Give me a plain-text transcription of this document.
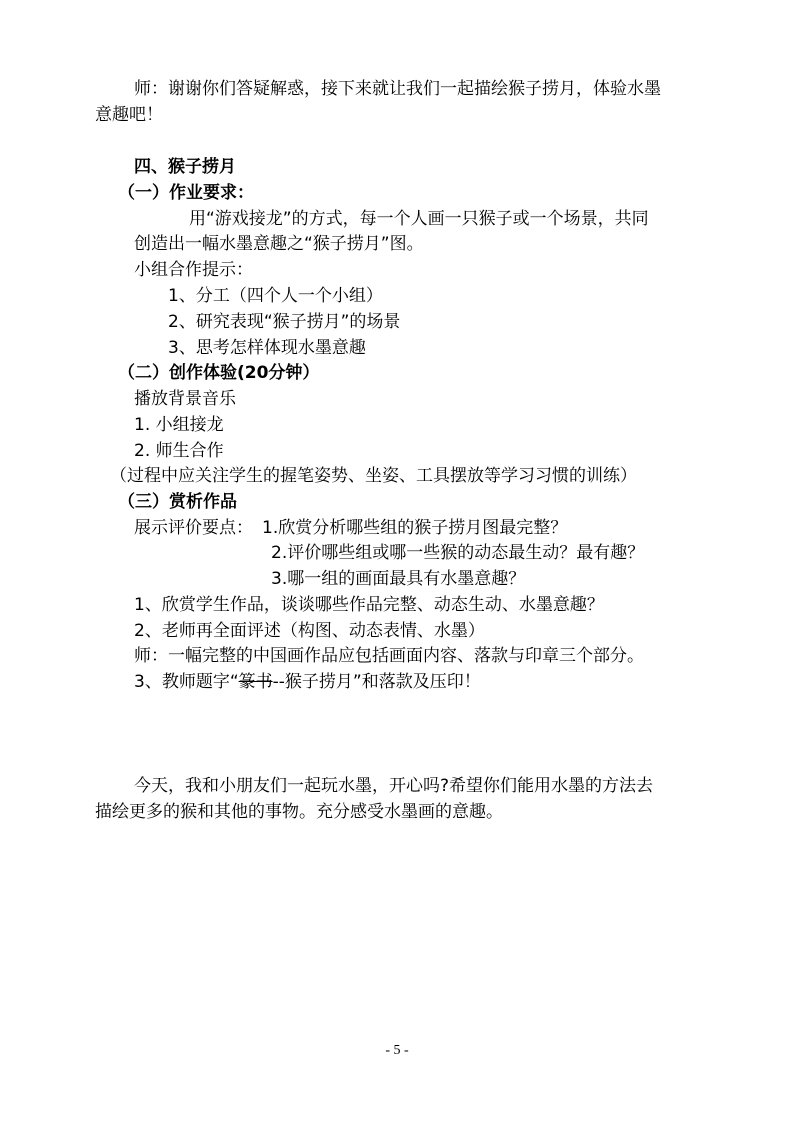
师：谢谢你们答疑解惑，接下来就让我们一起描绘猴子捞月，体验水墨
意趣吧！
四、猴子捞月
（一）作业要求：
用“游戏接龙”的方式，每一个人画一只猴子或一个场景，共同
创造出一幅水墨意趣之“猴子捞月”图。
小组合作提示：
1、分工（四个人一个小组）
2、研究表现“猴子捞月”的场景
3、思考怎样体现水墨意趣
（二）创作体验(20分钟）
播放背景音乐
1. 小组接龙
2. 师生合作
（过程中应关注学生的握笔姿势、坐姿、工具摆放等学习习惯的训练）
（三）赏析作品
展示评价要点： 1.欣赏分析哪些组的猴子捞月图最完整？
2.评价哪些组或哪一些猴的动态最生动？最有趣？
3.哪一组的画面最具有水墨意趣？
1、欣赏学生作品，谈谈哪些作品完整、动态生动、水墨意趣？
2、老师再全面评述（构图、动态表情、水墨）
师：一幅完整的中国画作品应包括画面内容、落款与印章三个部分。
3、教师题字“篆书--猴子捞月”和落款及压印！
今天，我和小朋友们一起玩水墨，开心吗?希望你们能用水墨的方法去
描绘更多的猴和其他的事物。充分感受水墨画的意趣。
- 5 -
